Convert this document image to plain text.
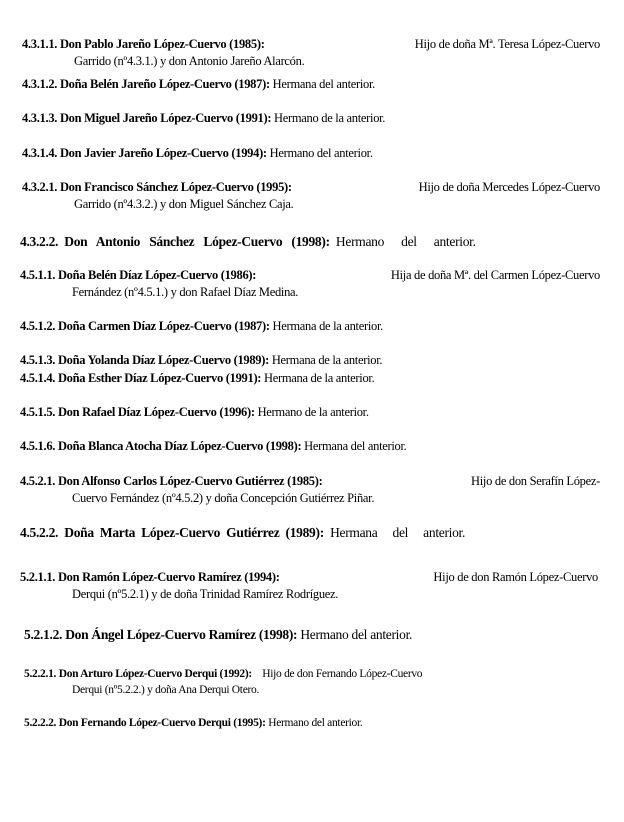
4.3.1.1. Don Pablo Jareño López-Cuervo (1985):	Hijo de doña Mª. Teresa López-Cuervo
Garrido (nº4.3.1.) y don Antonio Jareño Alarcón.
4.3.1.2. Doña Belén Jareño López-Cuervo (1987): Hermana del anterior.
4.3.1.3. Don Miguel Jareño López-Cuervo (1991): Hermano de la anterior.
4.3.1.4. Don Javier Jareño López-Cuervo (1994): Hermano del anterior.
4.3.2.1. Don Francisco Sánchez López-Cuervo (1995):	Hijo de doña Mercedes López-Cuervo
Garrido (nº4.3.2.) y don Miguel Sánchez Caja.
4.3.2.2. Don Antonio Sánchez López-Cuervo (1998): Hermano del anterior.
4.5.1.1. Doña Belén Díaz López-Cuervo (1986):	Hija de doña Mª. del Carmen López-Cuervo
Fernández (nº4.5.1.) y don Rafael Díaz Medina.
4.5.1.2. Doña Carmen Díaz López-Cuervo (1987): Hermana de la anterior.
4.5.1.3. Doña Yolanda Díaz López-Cuervo (1989): Hermana de la anterior.
4.5.1.4. Doña Esther Díaz López-Cuervo (1991): Hermana de la anterior.
4.5.1.5. Don Rafael Díaz López-Cuervo (1996): Hermano de la anterior.
4.5.1.6. Doña Blanca Atocha Díaz López-Cuervo (1998): Hermana del anterior.
4.5.2.1. Don Alfonso Carlos López-Cuervo Gutiérrez (1985):	Hijo de don Serafín López-
Cuervo Fernández (nº4.5.2) y doña Concepción Gutiérrez Piñar.
4.5.2.2. Doña Marta López-Cuervo Gutiérrez (1989): Hermana del anterior.
5.2.1.1. Don Ramón López-Cuervo Ramírez (1994):	Hijo de don Ramón López-Cuervo
Derqui (nº5.2.1) y de doña Trinidad Ramírez Rodríguez.
5.2.1.2. Don Ángel López-Cuervo Ramírez (1998): Hermano del anterior.
5.2.2.1. Don Arturo López-Cuervo Derqui (1992): Hijo de don Fernando López-Cuervo
Derqui (nº5.2.2.) y doña Ana Derqui Otero.
5.2.2.2. Don Fernando López-Cuervo Derqui (1995): Hermano del anterior.
